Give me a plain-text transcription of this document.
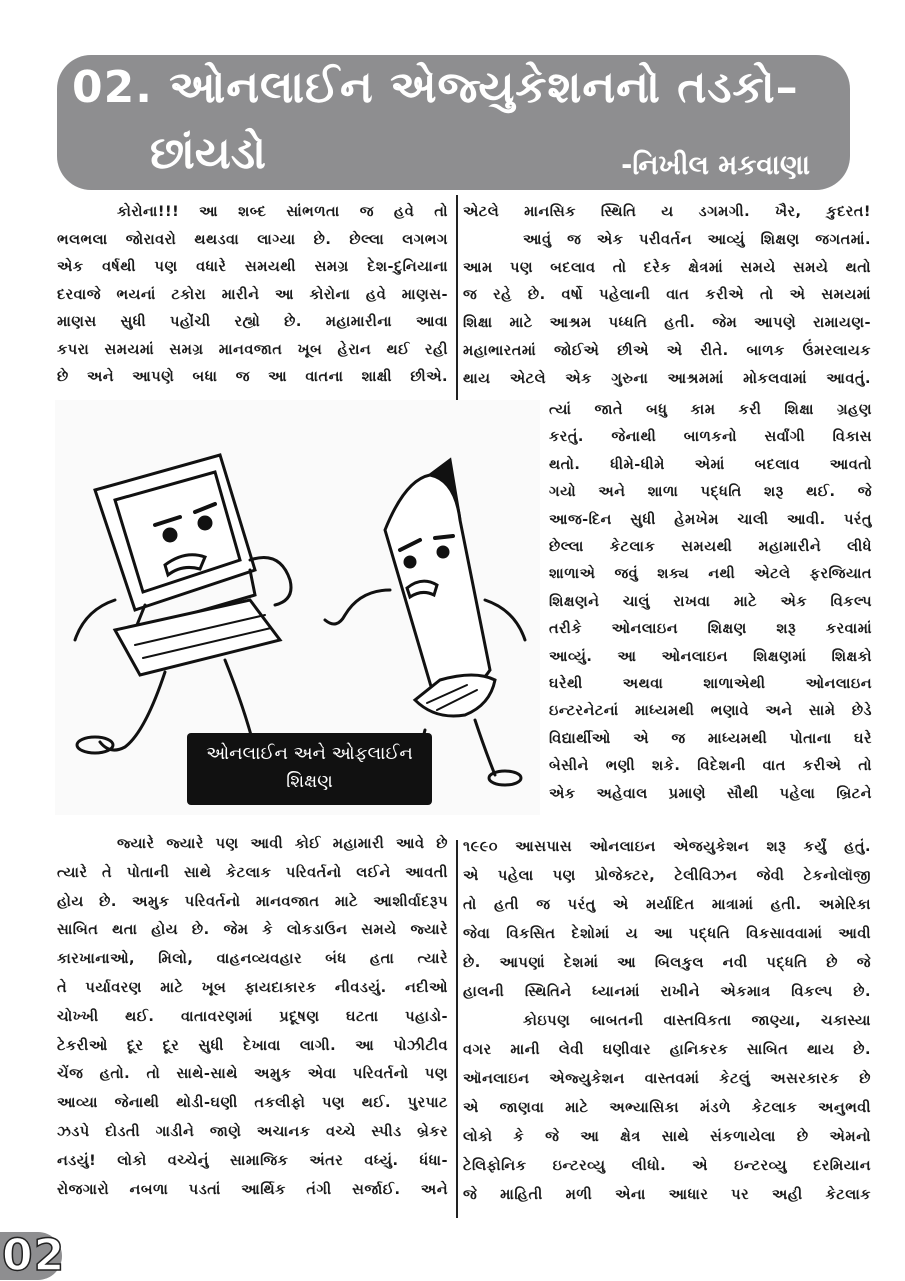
02. ઓનલાઈન એજ્યુકેશનનો તડકો–
છાંયડો	-નિખીલ મકવાણા
કોરોના!!! આ શબ્દ સાંભળતા જ હવે તો
ભલભલા જોરાવરો થથડવા લાગ્યા છે. છેલ્લા લગભગ
એક વર્ષથી પણ વધારે સમયથી સમગ્ર દેશ-દુનિયાના
દરવાજે ભયનાં ટકોરા મારીને આ કોરોના હવે માણસ-
માણસ સુધી પહોંચી રહ્યો છે. મહામારીના આવા
કપરા સમયમાં સમગ્ર માનવજાત ખૂબ હેરાન થઈ રહી
છે અને આપણે બધા જ આ વાતના શાક્ષી છીએ.
એટલે માનસિક સ્થિતિ ય ડગમગી. ખૈર, કુદરત!
આવું જ એક પરીવર્તન આવ્યું શિક્ષણ જગતમાં.
આમ પણ બદલાવ તો દરેક ક્ષેત્રમાં સમયે સમયે થતો
જ રહે છે. વર્ષો પહેલાની વાત કરીએ તો એ સમયમાં
શિક્ષા માટે આશ્રમ પધ્ધતિ હતી. જેમ આપણે રામાયણ-
મહાભારતમાં જોઈએ છીએ એ રીતે. બાળક ઉંમરલાયક
થાય એટલે એક ગુરુના આશ્રમમાં મોકલવામાં આવતું.
ત્યાં જાતે બધુ કામ કરી શિક્ષા ગ્રહણ
કરતું. જેનાથી બાળકનો સર્વાંગી વિકાસ
થતો. ધીમે-ધીમે એમાં બદલાવ આવતો
ગયો અને શાળા પદ્ધતિ શરૂ થઈ. જે
આજ-દિન સુધી હેમખેમ ચાલી આવી. પરંતુ
છેલ્લા કેટલાક સમયથી મહામારીને લીધે
શાળાએ જવું શક્ય નથી એટલે ફરજિયાત
શિક્ષણને ચાલું રાખવા માટે એક વિકલ્પ
તરીકે ઓનલાઇન શિક્ષણ શરૂ કરવામાં
આવ્યું. આ ઓનલાઇન શિક્ષણમાં શિક્ષકો
ઘરેથી અથવા શાળાએથી ઓનલાઇન
ઇન્ટરનેટનાં માધ્યમથી ભણાવે અને સામે છેડે
વિદ્યાર્થીઓ એ જ માધ્યમથી પોતાના ઘરે
બેસીને ભણી શકે. વિદેશની વાત કરીએ તો
એક અહેવાલ પ્રમાણે સૌથી પહેલા બ્રિટને
જ્યારે જ્યારે પણ આવી કોઈ મહામારી આવે છે
ત્યારે તે પોતાની સાથે કેટલાક પરિવર્તનો લઈને આવતી
હોય છે. અમુક પરિવર્તનો માનવજાત માટે આશીર્વાદરૂપ
સાબિત થતા હોય છે. જેમ કે લોકડાઉન સમયે જ્યારે
કારખાનાઓ, મિલો, વાહનવ્યવહાર બંધ હતા ત્યારે
તે પર્યાવરણ માટે ખૂબ ફાયદાકારક નીવડયું. નદીઓ
ચોખ્ખી થઈ. વાતાવરણમાં પ્રદૂષણ ઘટતા પહાડો-
ટેકરીઓ દૂર દૂર સુધી દેખાવા લાગી. આ પોઝીટીવ
ચેંજ હતો. તો સાથે-સાથે અમુક એવા પરિવર્તનો પણ
આવ્યા જેનાથી થોડી-ઘણી તકલીફો પણ થઈ. પુરપાટ
ઝડપે દોડતી ગાડીને જાણે અચાનક વચ્ચે સ્પીડ બ્રેકર
નડયું! લોકો વચ્ચેનું સામાજિક અંતર વધ્યું. ધંધા-
રોજગારો નબળા પડતાં આર્થિક તંગી સર્જાઈ. અને
૧૯૯૦ આસપાસ ઓનલાઇન એજયુકેશન શરૂ કર્યું હતું.
એ પહેલા પણ પ્રોજેક્ટર, ટેલીવિઝન જેવી ટેકનોલૉજી
તો હતી જ પરંતુ એ મર્યાદિત માત્રામાં હતી. અમેરિકા
જેવા વિકસિત દેશોમાં ય આ પદ્ધતિ વિકસાવવામાં આવી
છે. આપણાં દેશમાં આ બિલકુલ નવી પદ્ધતિ છે જે
હાલની સ્થિતિને ધ્યાનમાં રાખીને એકમાત્ર વિકલ્પ છે.
કોઇપણ બાબતની વાસ્તવિકતા જાણ્યા, ચકાસ્યા
વગર માની લેવી ઘણીવાર હાનિકરક સાબિત થાય છે.
ઑનલાઇન એજ્યુકેશન વાસ્તવમાં કેટલું અસરકારક છે
એ જાણવા માટે અભ્યાસિકા મંડળે કેટલાક અનુભવી
લોકો કે જે આ ક્ષેત્ર સાથે સંકળાયેલા છે એમનો
ટેલિફોનિક ઇન્ટરવ્યુ લીધો. એ ઇન્ટરવ્યુ દરમિયાન
જે માહિતી મળી એના આધાર પર અહી કેટલાક
ઓનલાઈન અને ઓફલાઈન
શિક્ષણ
02
